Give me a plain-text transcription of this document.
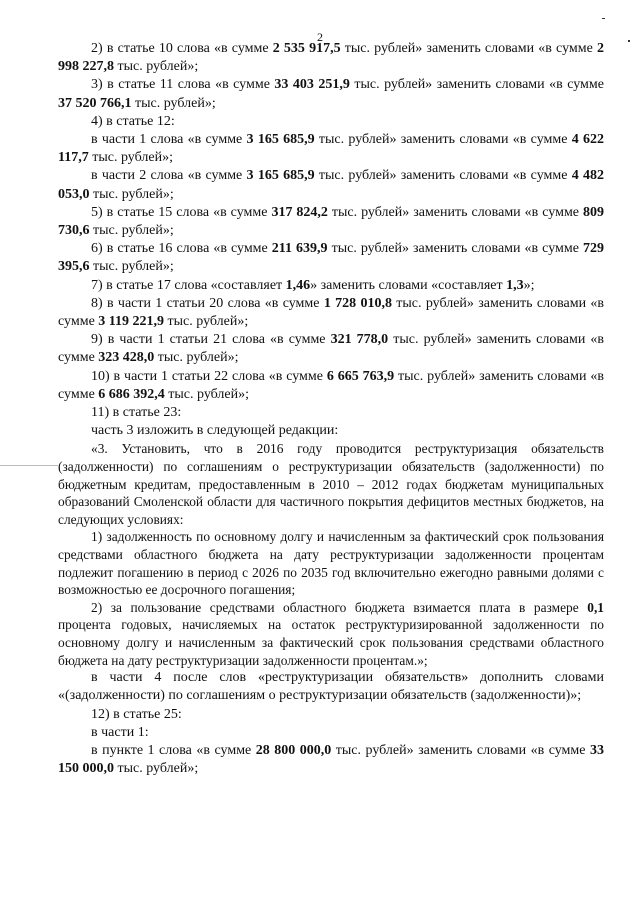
2

2) в статье 10 слова «в сумме 2 535 917,5 тыс. рублей» заменить словами «в сумме 2 998 227,8 тыс. рублей»;

3) в статье 11 слова «в сумме 33 403 251,9 тыс. рублей» заменить словами «в сумме 37 520 766,1 тыс. рублей»;

4) в статье 12:

в части 1 слова «в сумме 3 165 685,9 тыс. рублей» заменить словами «в сумме 4 622 117,7 тыс. рублей»;

в части 2 слова «в сумме 3 165 685,9 тыс. рублей» заменить словами «в сумме 4 482 053,0 тыс. рублей»;

5) в статье 15 слова «в сумме 317 824,2 тыс. рублей» заменить словами «в сумме 809 730,6 тыс. рублей»;

6) в статье 16 слова «в сумме 211 639,9 тыс. рублей» заменить словами «в сумме 729 395,6 тыс. рублей»;

7) в статье 17 слова «составляет 1,46» заменить словами «составляет 1,3»;

8) в части 1 статьи 20 слова «в сумме 1 728 010,8 тыс. рублей» заменить словами «в сумме 3 119 221,9 тыс. рублей»;

9) в части 1 статьи 21 слова «в сумме 321 778,0 тыс. рублей» заменить словами «в сумме 323 428,0 тыс. рублей»;

10) в части 1 статьи 22 слова «в сумме 6 665 763,9 тыс. рублей» заменить словами «в сумме 6 686 392,4 тыс. рублей»;

11) в статье 23:

часть 3 изложить в следующей редакции:

«3. Установить, что в 2016 году проводится реструктуризация обязательств (задолженности) по соглашениям о реструктуризации обязательств (задолженности) по бюджетным кредитам, предоставленным в 2010 – 2012 годах бюджетам муниципальных образований Смоленской области для частичного покрытия дефицитов местных бюджетов, на следующих условиях:

1) задолженность по основному долгу и начисленным за фактический срок пользования средствами областного бюджета на дату реструктуризации задолженности процентам подлежит погашению в период с 2026 по 2035 год включительно ежегодно равными долями с возможностью ее досрочного погашения;

2) за пользование средствами областного бюджета взимается плата в размере 0,1 процента годовых, начисляемых на остаток реструктуризированной задолженности по основному долгу и начисленным за фактический срок пользования средствами областного бюджета на дату реструктуризации задолженности процентам.»;

в части 4 после слов «реструктуризации обязательств» дополнить словами «(задолженности) по соглашениям о реструктуризации обязательств (задолженности)»;

12) в статье 25:

в части 1:

в пункте 1 слова «в сумме 28 800 000,0 тыс. рублей» заменить словами «в сумме 33 150 000,0 тыс. рублей»;
